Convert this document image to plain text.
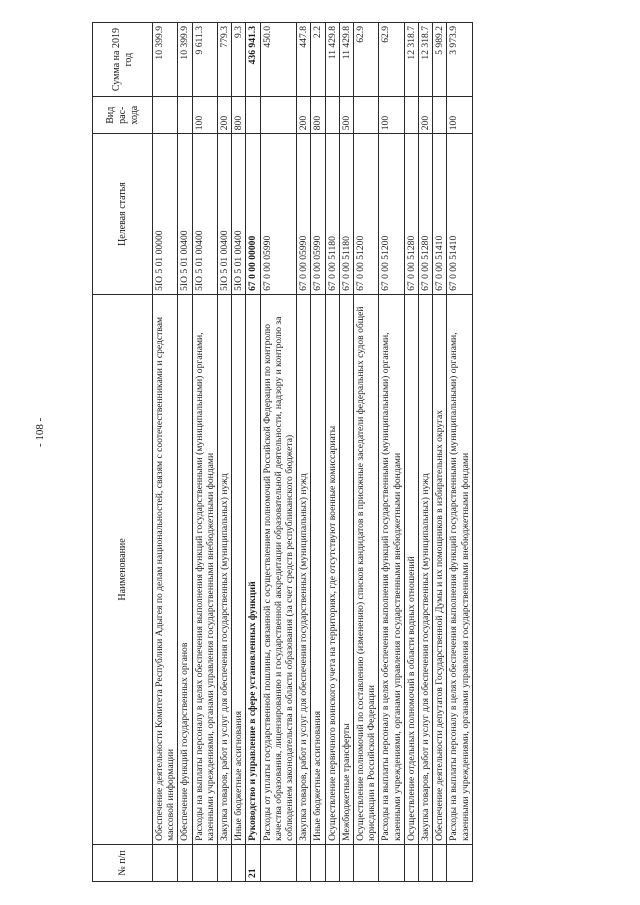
- 108 -
№ п/п	Наименование	Целевая статья	Вид рас-хода	Сумма на 2019 год
	Обеспечение деятельности Комитета Республики Адыгея по делам национальностей, связям с соотечественниками и средствам массовой информации	5IO 5 01 00000		10 399.9
	Обеспечение функций государственных органов	5IO 5 01 00400		10 399.9
	Расходы на выплаты персоналу в целях обеспечения выполнения функций государственными (муниципальными) органами, казенными учреждениями, органами управления государственными внебюджетными фондами	5IO 5 01 00400	100	9 611.3
	Закупка товаров, работ и услуг для обеспечения государственных (муниципальных) нужд	5IO 5 01 00400	200	779.3
	Иные бюджетные ассигнования	5IO 5 01 00400	800	9.3
21	Руководство и управление в сфере установленных функций	67 0 00 00000		436 941.3
	Расходы от уплаты государственной пошлины, связанной с осуществлением полномочий Российской Федерации по контролю качества образования, лицензированию и государственной аккредитации образовательной деятельности, надзору и контролю за соблюдением законодательства в области образования (за счет средств республиканского бюджета)	67 0 00 05990		450.0
	Закупка товаров, работ и услуг для обеспечения государственных (муниципальных) нужд	67 0 00 05990	200	447.8
	Иные бюджетные ассигнования	67 0 00 05990	800	2.2
	Осуществление первичного воинского учета на территориях, где отсутствуют военные комиссариаты	67 0 00 51180		11 429.8
	Межбюджетные трансферты	67 0 00 51180	500	11 429.8
	Осуществление полномочий по составлению (изменению) списков кандидатов в присяжные заседатели федеральных судов общей юрисдикции в Российской Федерации	67 0 00 51200		62.9
	Расходы на выплаты персоналу в целях обеспечения выполнения функций государственными (муниципальными) органами, казенными учреждениями, органами управления государственными внебюджетными фондами	67 0 00 51200	100	62.9
	Осуществление отдельных полномочий в области водных отношений	67 0 00 51280		12 318.7
	Закупка товаров, работ и услуг для обеспечения государственных (муниципальных) нужд	67 0 00 51280	200	12 318.7
	Обеспечение деятельности депутатов Государственной Думы и их помощников в избирательных округах	67 0 00 51410		5 989.2
	Расходы на выплаты персоналу в целях обеспечения выполнения функций государственными (муниципальными) органами, казенными учреждениями, органами управления государственными внебюджетными фондами	67 0 00 51410	100	3 973.9
